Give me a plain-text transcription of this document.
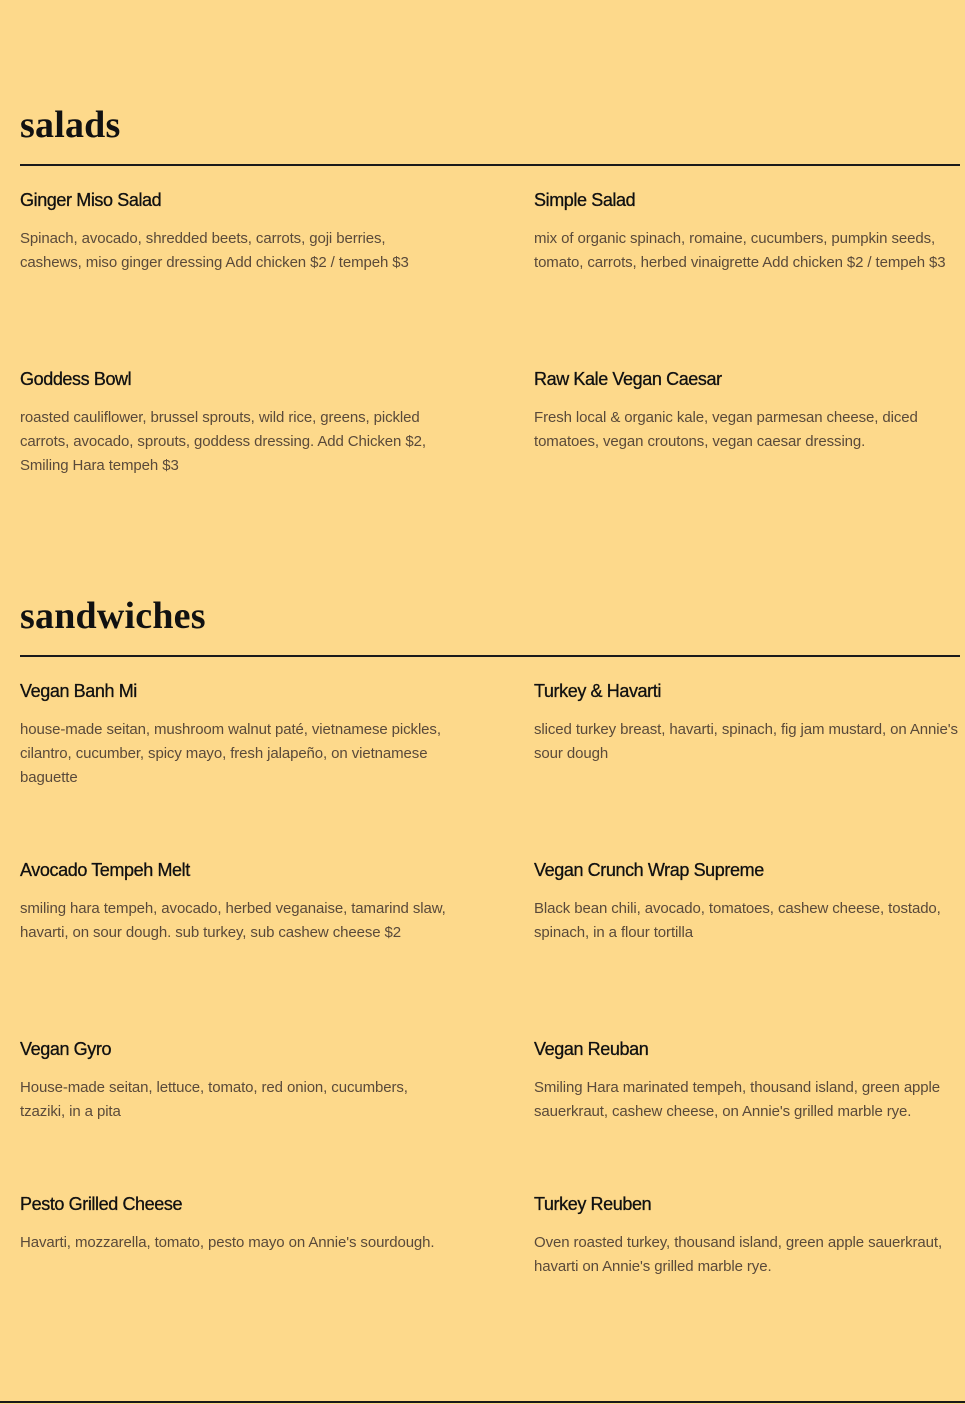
salads
Ginger Miso Salad

Spinach, avocado, shredded beets, carrots, goji berries, cashews, miso ginger dressing Add chicken $2 / tempeh $3

Simple Salad

mix of organic spinach, romaine, cucumbers, pumpkin seeds, tomato, carrots, herbed vinaigrette Add chicken $2 / tempeh $3

Goddess Bowl

roasted cauliflower, brussel sprouts, wild rice, greens, pickled carrots, avocado, sprouts, goddess dressing. Add Chicken $2, Smiling Hara tempeh $3

Raw Kale Vegan Caesar

Fresh local & organic kale, vegan parmesan cheese, diced tomatoes, vegan croutons, vegan caesar dressing.

sandwiches
Vegan Banh Mi

house-made seitan, mushroom walnut paté, vietnamese pickles, cilantro, cucumber, spicy mayo, fresh jalapeño, on vietnamese baguette

Turkey & Havarti

sliced turkey breast, havarti, spinach, fig jam mustard, on Annie's sour dough

Avocado Tempeh Melt

smiling hara tempeh, avocado, herbed veganaise, tamarind slaw, havarti, on sour dough. sub turkey, sub cashew cheese $2

Vegan Crunch Wrap Supreme

Black bean chili, avocado, tomatoes, cashew cheese, tostado, spinach, in a flour tortilla

Vegan Gyro

House-made seitan, lettuce, tomato, red onion, cucumbers, tzaziki, in a pita

Vegan Reuban

Smiling Hara marinated tempeh, thousand island, green apple sauerkraut, cashew cheese, on Annie's grilled marble rye.

Pesto Grilled Cheese

Havarti, mozzarella, tomato, pesto mayo on Annie's sourdough.

Turkey Reuben

Oven roasted turkey, thousand island, green apple sauerkraut, havarti on Annie's grilled marble rye.
